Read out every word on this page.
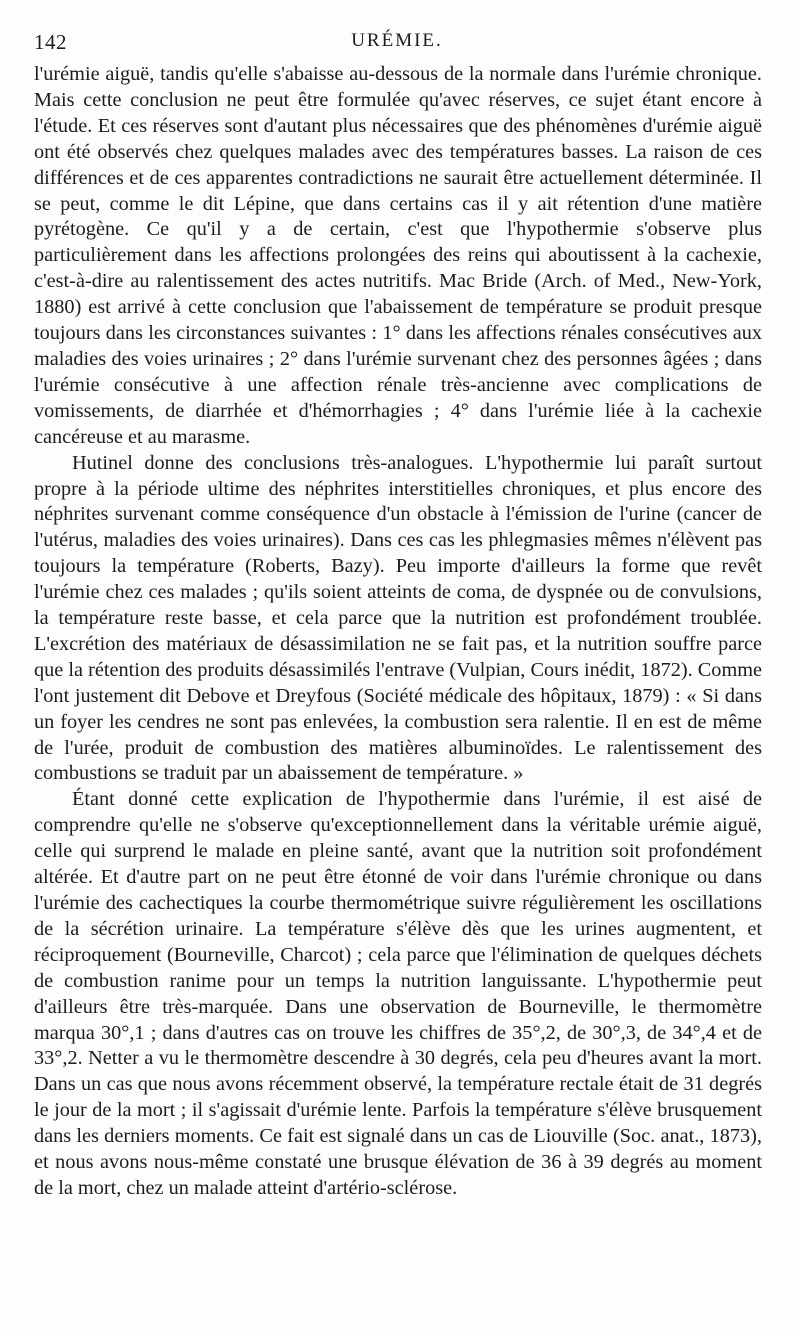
142	URÉMIE.

l'urémie aiguë, tandis qu'elle s'abaisse au-dessous de la normale dans l'urémie chronique. Mais cette conclusion ne peut être formulée qu'avec réserves, ce sujet étant encore à l'étude. Et ces réserves sont d'autant plus nécessaires que des phénomènes d'urémie aiguë ont été observés chez quelques malades avec des températures basses. La raison de ces différences et de ces apparentes contradictions ne saurait être actuellement déterminée. Il se peut, comme le dit Lépine, que dans certains cas il y ait rétention d'une matière pyrétogène. Ce qu'il y a de certain, c'est que l'hypothermie s'observe plus particulièrement dans les affections prolongées des reins qui aboutissent à la cachexie, c'est-à-dire au ralentissement des actes nutritifs. Mac Bride (Arch. of Med., New-York, 1880) est arrivé à cette conclusion que l'abaissement de température se produit presque toujours dans les circonstances suivantes : 1° dans les affections rénales consécutives aux maladies des voies urinaires ; 2° dans l'urémie survenant chez des personnes âgées ; dans l'urémie consécutive à une affection rénale très-ancienne avec complications de vomissements, de diarrhée et d'hémorrhagies ; 4° dans l'urémie liée à la cachexie cancéreuse et au marasme.

Hutinel donne des conclusions très-analogues. L'hypothermie lui paraît surtout propre à la période ultime des néphrites interstitielles chroniques, et plus encore des néphrites survenant comme conséquence d'un obstacle à l'émission de l'urine (cancer de l'utérus, maladies des voies urinaires). Dans ces cas les phlegmasies mêmes n'élèvent pas toujours la température (Roberts, Bazy). Peu importe d'ailleurs la forme que revêt l'urémie chez ces malades ; qu'ils soient atteints de coma, de dyspnée ou de convulsions, la température reste basse, et cela parce que la nutrition est profondément troublée. L'excrétion des matériaux de désassimilation ne se fait pas, et la nutrition souffre parce que la rétention des produits désassimilés l'entrave (Vulpian, Cours inédit, 1872). Comme l'ont justement dit Debove et Dreyfous (Société médicale des hôpitaux, 1879) : « Si dans un foyer les cendres ne sont pas enlevées, la combustion sera ralentie. Il en est de même de l'urée, produit de combustion des matières albuminoïdes. Le ralentissement des combustions se traduit par un abaissement de température. »

Étant donné cette explication de l'hypothermie dans l'urémie, il est aisé de comprendre qu'elle ne s'observe qu'exceptionnellement dans la véritable urémie aiguë, celle qui surprend le malade en pleine santé, avant que la nutrition soit profondément altérée. Et d'autre part on ne peut être étonné de voir dans l'urémie chronique ou dans l'urémie des cachectiques la courbe thermométrique suivre régulièrement les oscillations de la sécrétion urinaire. La température s'élève dès que les urines augmentent, et réciproquement (Bourneville, Charcot) ; cela parce que l'élimination de quelques déchets de combustion ranime pour un temps la nutrition languissante. L'hypothermie peut d'ailleurs être très-marquée. Dans une observation de Bourneville, le thermomètre marqua 30°,1 ; dans d'autres cas on trouve les chiffres de 35°,2, de 30°,3, de 34°,4 et de 33°,2. Netter a vu le thermomètre descendre à 30 degrés, cela peu d'heures avant la mort. Dans un cas que nous avons récemment observé, la température rectale était de 31 degrés le jour de la mort ; il s'agissait d'urémie lente. Parfois la température s'élève brusquement dans les derniers moments. Ce fait est signalé dans un cas de Liouville (Soc. anat., 1873), et nous avons nous-même constaté une brusque élévation de 36 à 39 degrés au moment de la mort, chez un malade atteint d'artério-sclérose.
